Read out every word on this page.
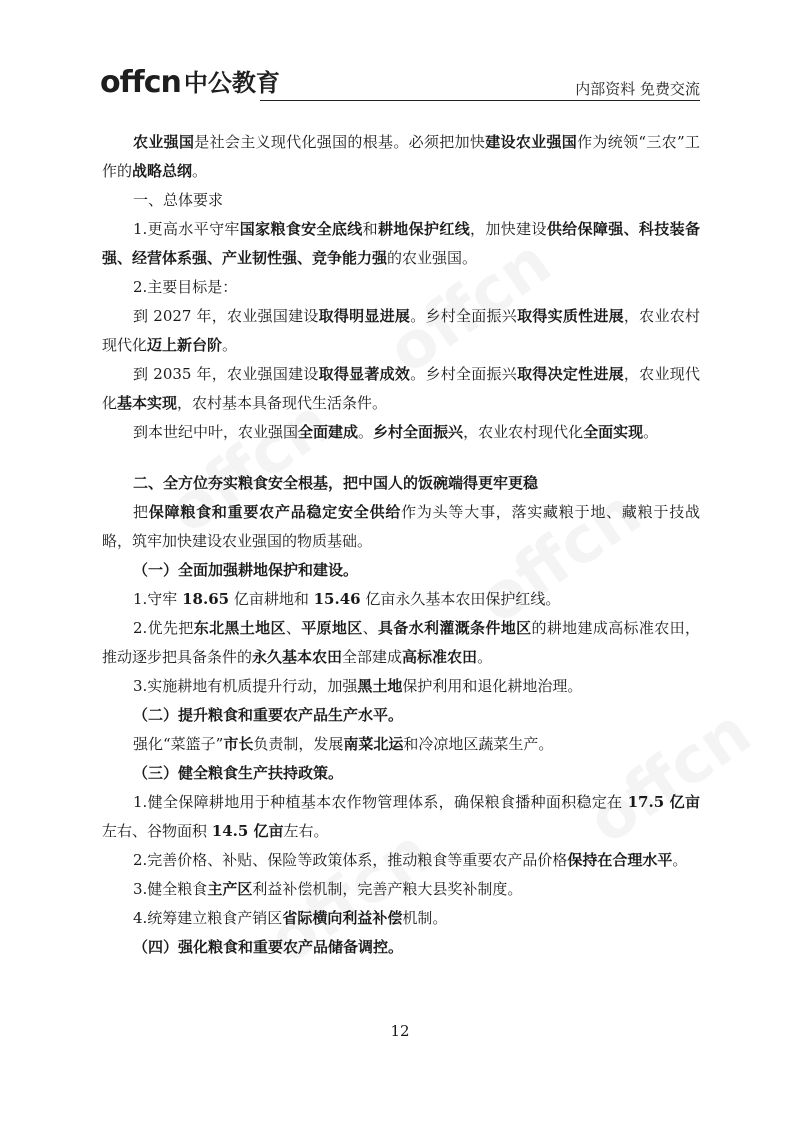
offcn 中公教育	内部资料 免费交流

农业强国是社会主义现代化强国的根基。必须把加快建设农业强国作为统领“三农”工作的战略总纲。

一、总体要求

1.更高水平守牢国家粮食安全底线和耕地保护红线，加快建设供给保障强、科技装备强、经营体系强、产业韧性强、竞争能力强的农业强国。

2.主要目标是：

到 2027 年，农业强国建设取得明显进展。乡村全面振兴取得实质性进展，农业农村现代化迈上新台阶。

到 2035 年，农业强国建设取得显著成效。乡村全面振兴取得决定性进展，农业现代化基本实现，农村基本具备现代生活条件。

到本世纪中叶，农业强国全面建成。乡村全面振兴，农业农村现代化全面实现。

二、全方位夯实粮食安全根基，把中国人的饭碗端得更牢更稳

把保障粮食和重要农产品稳定安全供给作为头等大事，落实藏粮于地、藏粮于技战略，筑牢加快建设农业强国的物质基础。

（一）全面加强耕地保护和建设。

1.守牢 18.65 亿亩耕地和 15.46 亿亩永久基本农田保护红线。

2.优先把东北黑土地区、平原地区、具备水利灌溉条件地区的耕地建成高标准农田，推动逐步把具备条件的永久基本农田全部建成高标准农田。

3.实施耕地有机质提升行动，加强黑土地保护利用和退化耕地治理。

（二）提升粮食和重要农产品生产水平。

强化“菜篮子”市长负责制，发展南菜北运和冷凉地区蔬菜生产。

（三）健全粮食生产扶持政策。

1.健全保障耕地用于种植基本农作物管理体系，确保粮食播种面积稳定在 17.5 亿亩左右、谷物面积 14.5 亿亩左右。

2.完善价格、补贴、保险等政策体系，推动粮食等重要农产品价格保持在合理水平。

3.健全粮食主产区利益补偿机制，完善产粮大县奖补制度。

4.统筹建立粮食产销区省际横向利益补偿机制。

（四）强化粮食和重要农产品储备调控。

12
